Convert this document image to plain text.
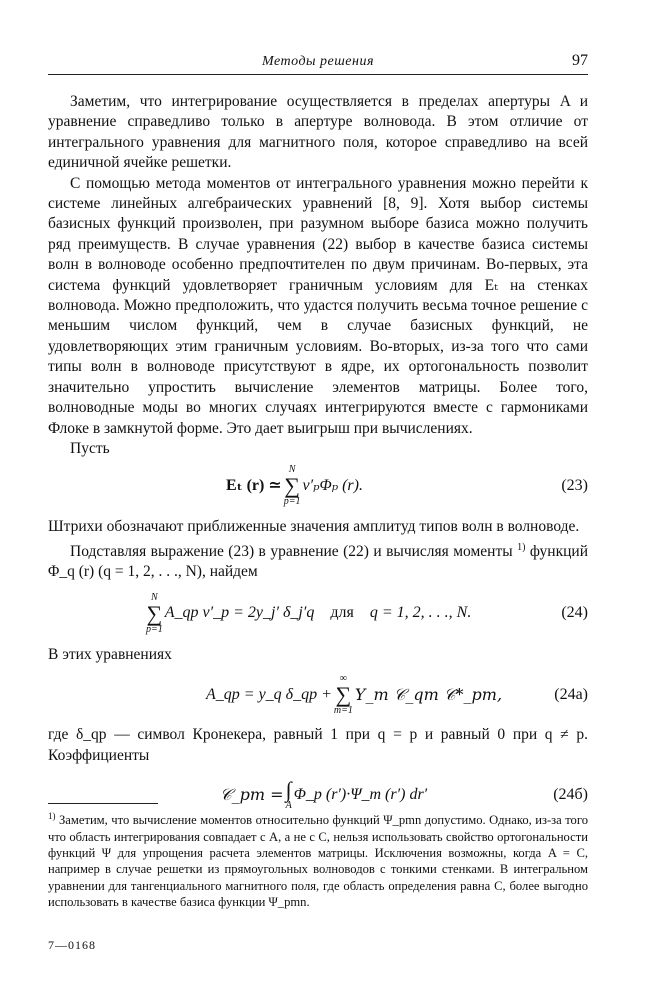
Методы решения	97

Заметим, что интегрирование осуществляется в пределах апертуры A и уравнение справедливо только в апертуре волновода. В этом отличие от интегрального уравнения для магнитного поля, которое справедливо на всей единичной ячейке решетки.

С помощью метода моментов от интегрального уравнения можно перейти к системе линейных алгебраических уравнений [8, 9]. Хотя выбор системы базисных функций произволен, при разумном выборе базиса можно получить ряд преимуществ. В случае уравнения (22) выбор в качестве базиса системы волн в волноводе особенно предпочтителен по двум причинам. Во-первых, эта система функций удовлетворяет граничным условиям для Eₜ на стенках волновода. Можно предположить, что удастся получить весьма точное решение с меньшим числом функций, чем в случае базисных функций, не удовлетворяющих этим граничным условиям. Во-вторых, из-за того что сами типы волн в волноводе присутствуют в ядре, их ортогональность позволит значительно упростить вычисление элементов матрицы. Более того, волноводные моды во многих случаях интегрируются вместе с гармониками Флоке в замкнутой форме. Это дает выигрыш при вычислениях.

Пусть

Eₜ (r) ≃
N
∑
p=1
v′ₚΦₚ (r).	(23)

Штрихи обозначают приближенные значения амплитуд типов волн в волноводе.

Подставляя выражение (23) в уравнение (22) и вычисляя моменты $^{1)}$ функций Φ_q (r) (q = 1, 2, . . ., N), найдем

N
∑
p=1
A_qp v′_p = 2y_j′ δ_j′q для q = 1, 2, . . ., N.	(24)

В этих уравнениях

A_qp = y_q δ_qp +
∞
∑
m=1
Y_m 𝒞_qm 𝒞*_pm,	(24а)

где δ_qp — символ Кронекера, равный 1 при q = p и равный 0 при q ≠ p. Коэффициенты

𝒞_pm = ∫
A
Φ_p (r′)·Ψ_m (r′) dr′	(24б)
$^{1)}$ Заметим, что вычисление моментов относительно функций Ψ_pmn допустимо. Однако, из-за того что область интегрирования совпадает с A, а не с C, нельзя использовать свойство ортогональности функций Ψ для упрощения расчета элементов матрицы. Исключения возможны, когда A = C, например в случае решетки из прямоугольных волноводов с тонкими стенками. В интегральном уравнении для тангенциального магнитного поля, где область определения равна C, более выгодно использовать в качестве базиса функции Ψ_pmn.
7—0168
